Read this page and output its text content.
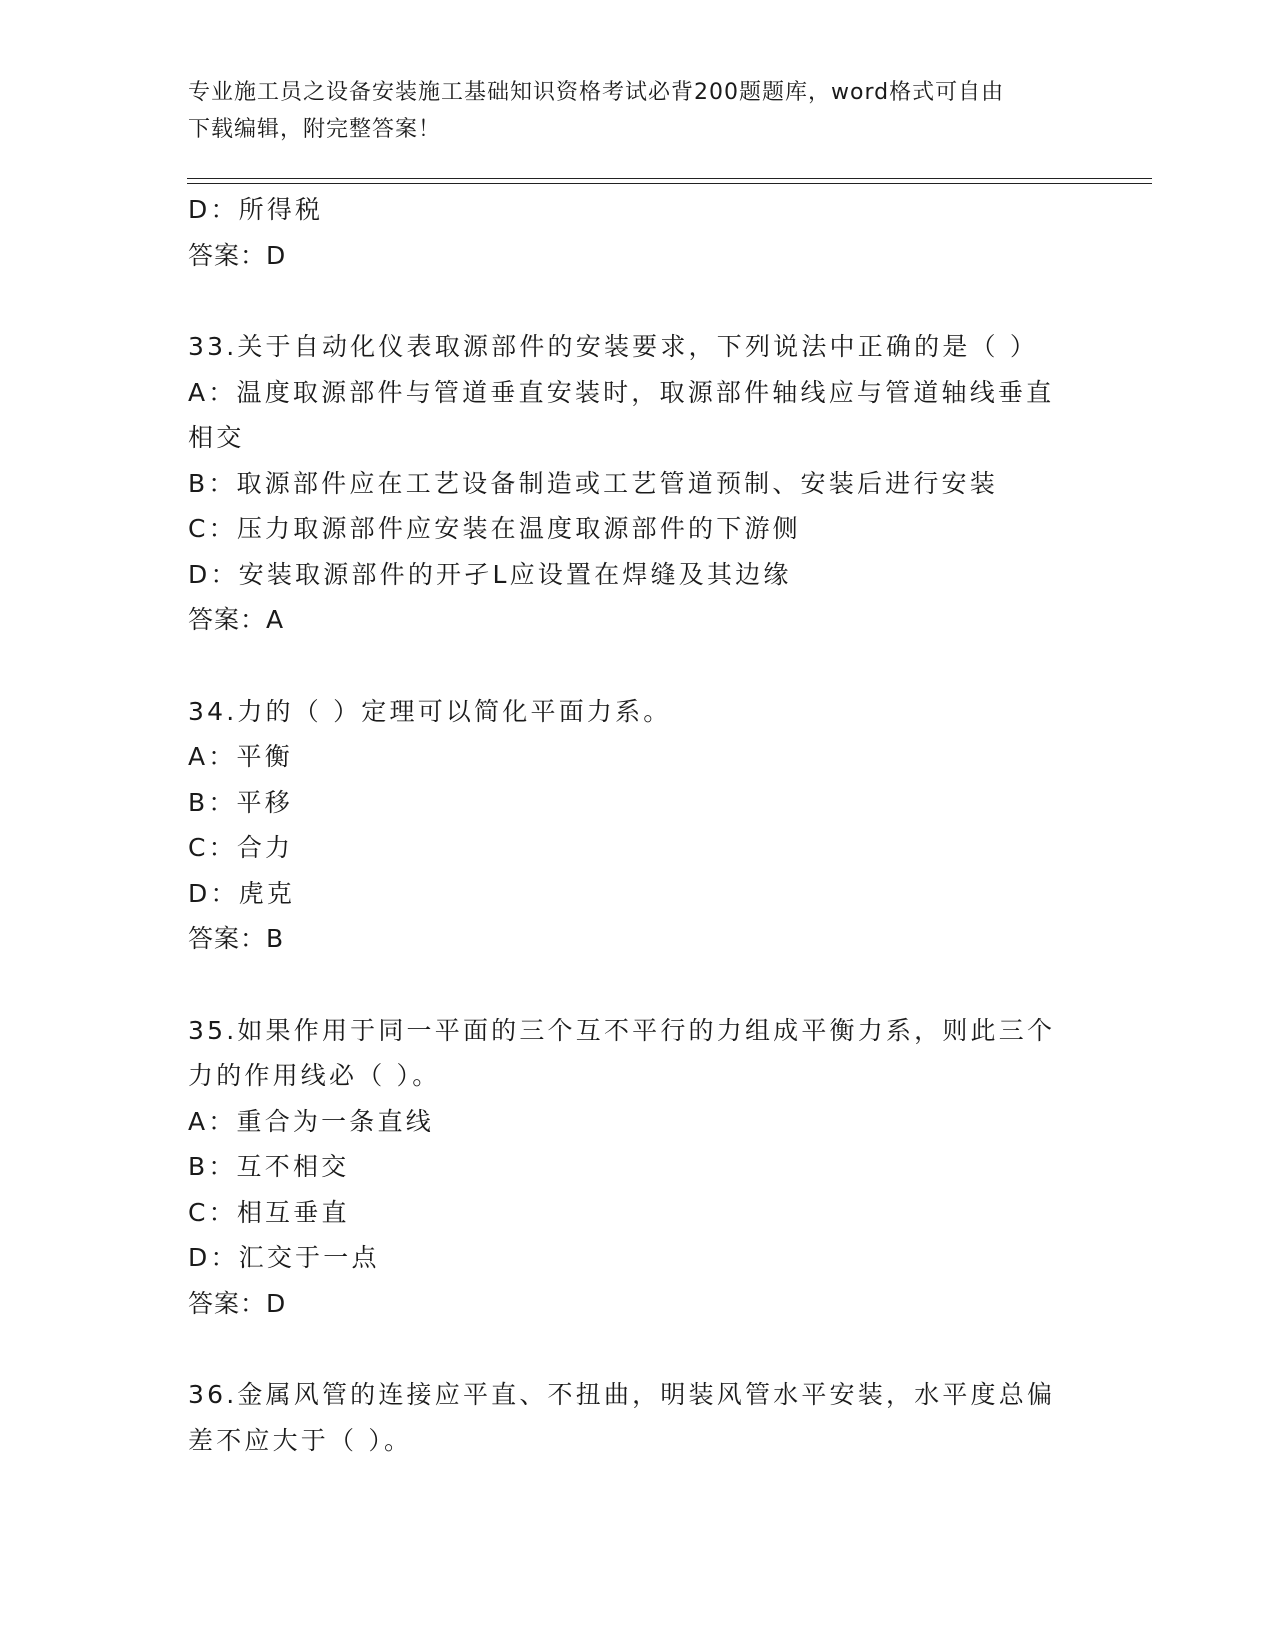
专业施工员之设备安装施工基础知识资格考试必背200题题库，word格式可自由
下载编辑，附完整答案！
D：所得税
答案：D
33.关于自动化仪表取源部件的安装要求，下列说法中正确的是（ ）
A：温度取源部件与管道垂直安装时，取源部件轴线应与管道轴线垂直
相交
B：取源部件应在工艺设备制造或工艺管道预制、安装后进行安装
C：压力取源部件应安装在温度取源部件的下游侧
D：安装取源部件的开孑L应设置在焊缝及其边缘
答案：A
34.力的（ ）定理可以简化平面力系。
A：平衡
B：平移
C：合力
D：虎克
答案：B
35.如果作用于同一平面的三个互不平行的力组成平衡力系，则此三个
力的作用线必（ ）。
A：重合为一条直线
B：互不相交
C：相互垂直
D：汇交于一点
答案：D
36.金属风管的连接应平直、不扭曲，明装风管水平安装，水平度总偏
差不应大于（ ）。
